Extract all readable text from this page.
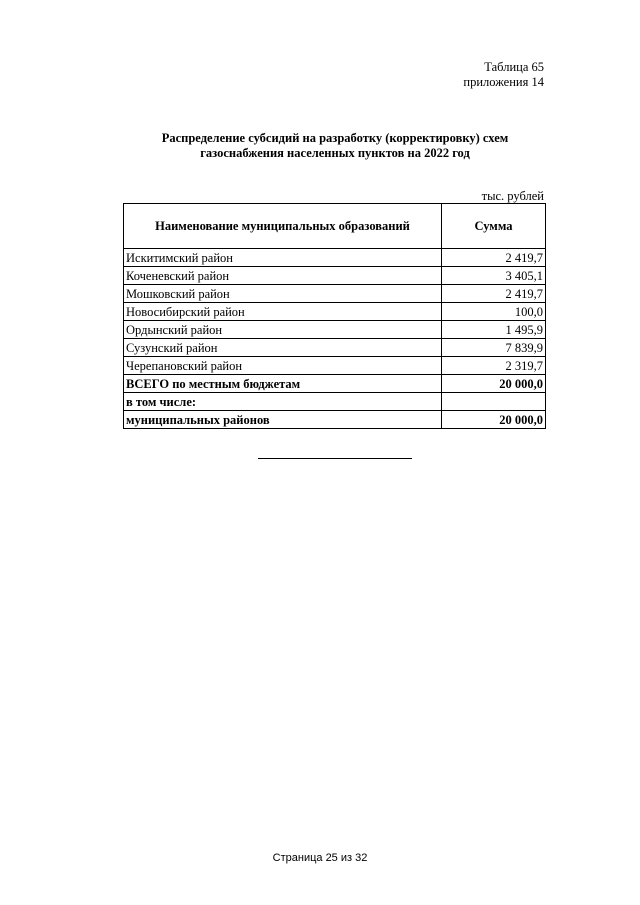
Таблица 65
приложения 14
Распределение субсидий на разработку (корректировку) схем
газоснабжения населенных пунктов на 2022 год
тыс. рублей
Наименование муниципальных образований	Сумма
Искитимский район	2 419,7
Коченевский район	3 405,1
Мошковский район	2 419,7
Новосибирский район	100,0
Ордынский район	1 495,9
Сузунский район	7 839,9
Черепановский район	2 319,7
ВСЕГО по местным бюджетам	20 000,0
в том числе:	
муниципальных районов	20 000,0
Страница 25 из 32
